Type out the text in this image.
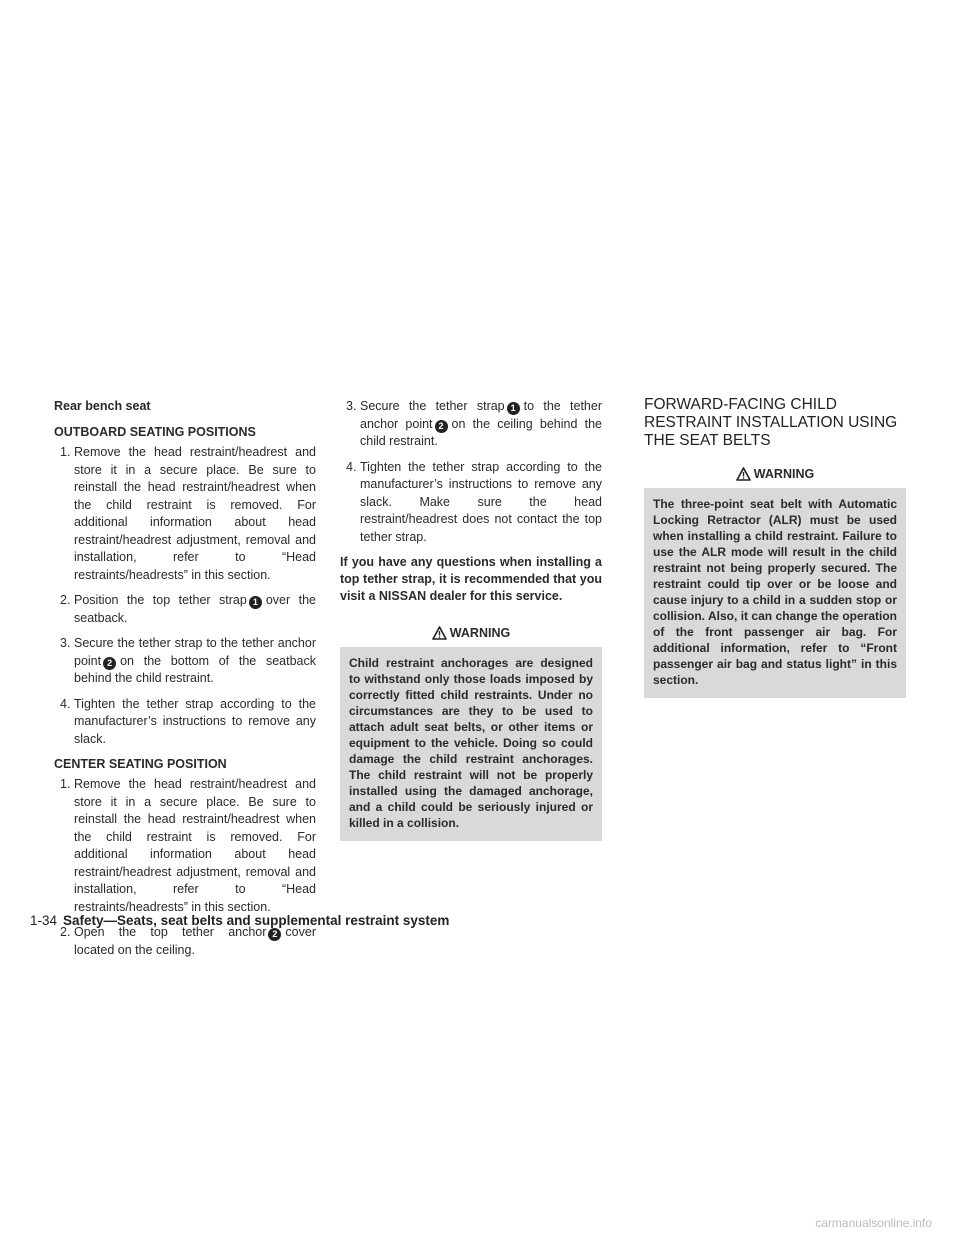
Rear bench seat
OUTBOARD SEATING POSITIONS
1. Remove the head restraint/headrest and store it in a secure place. Be sure to reinstall the head restraint/headrest when the child restraint is removed. For additional information about head restraint/headrest adjustment, removal and installation, refer to “Head restraints/headrests” in this section.
2. Position the top tether strap 1 over the seatback.
3. Secure the tether strap to the tether anchor point 2 on the bottom of the seatback behind the child restraint.
4. Tighten the tether strap according to the manufacturer’s instructions to remove any slack.
CENTER SEATING POSITION
1. Remove the head restraint/headrest and store it in a secure place. Be sure to reinstall the head restraint/headrest when the child restraint is removed. For additional information about head restraint/headrest adjustment, removal and installation, refer to “Head restraints/headrests” in this section.
2. Open the top tether anchor 2 cover located on the ceiling.
3. Secure the tether strap 1 to the tether anchor point 2 on the ceiling behind the child restraint.
4. Tighten the tether strap according to the manufacturer’s instructions to remove any slack. Make sure the head restraint/headrest does not contact the top tether strap.

If you have any questions when installing a top tether strap, it is recommended that you visit a NISSAN dealer for this service.

WARNING
Child restraint anchorages are designed to withstand only those loads imposed by correctly fitted child restraints. Under no circumstances are they to be used to attach adult seat belts, or other items or equipment to the vehicle. Doing so could damage the child restraint anchorages. The child restraint will not be properly installed using the damaged anchorage, and a child could be seriously injured or killed in a collision.
FORWARD-FACING CHILD RESTRAINT INSTALLATION USING THE SEAT BELTS
WARNING
The three-point seat belt with Automatic Locking Retractor (ALR) must be used when installing a child restraint. Failure to use the ALR mode will result in the child restraint not being properly secured. The restraint could tip over or be loose and cause injury to a child in a sudden stop or collision. Also, it can change the operation of the front passenger air bag. For additional information, refer to “Front passenger air bag and status light” in this section.
1-34 Safety—Seats, seat belts and supplemental restraint system
carmanualsonline.info
